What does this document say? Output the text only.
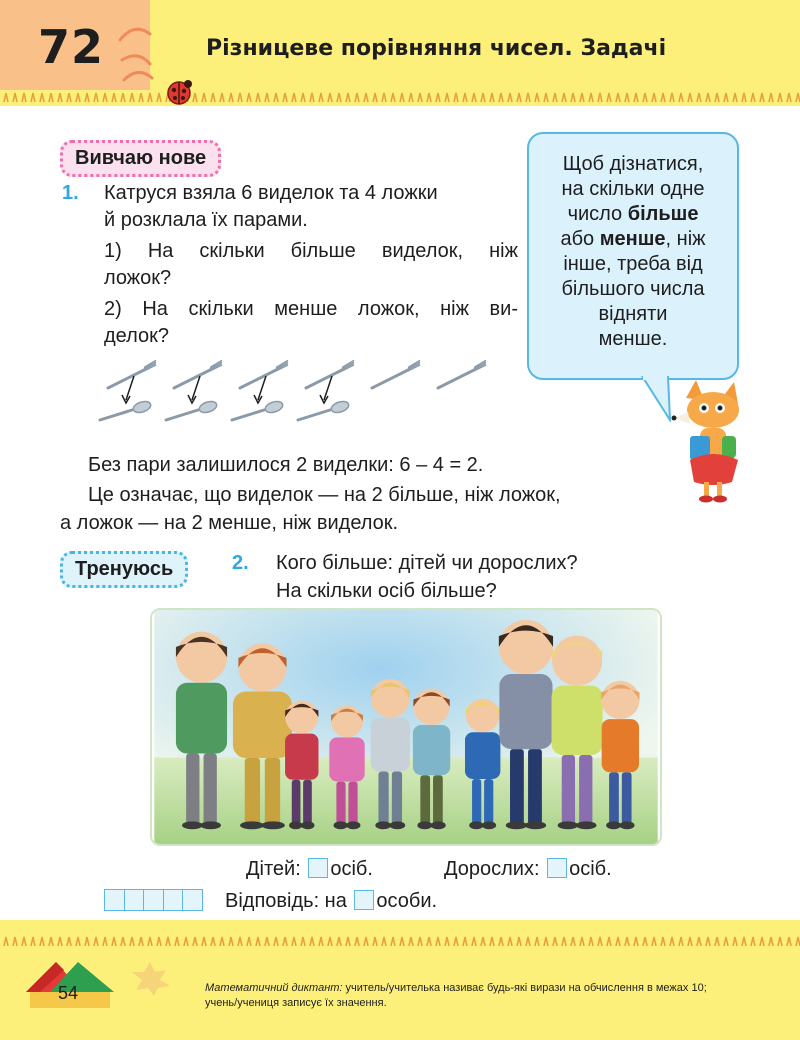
72	Різницеве порівняння чисел. Задачі
Вивчаю нове
1. Катруся взяла 6 виделок та 4 ложки
й розклала їх парами.
1) На скільки більше виделок, ніж
ложок?
2) На скільки менше ложок, ніж ви-
делок?
Без пари залишилося 2 виделки: 6 – 4 = 2.
Це означає, що виделок — на 2 більше, ніж ложок,
а ложок — на 2 менше, ніж виделок.
Щоб дізнатися,
на скільки одне
число більше
або менше, ніж
інше, треба від
більшого числа
відняти
менше.
Тренуюсь	2. Кого більше: дітей чи дорослих?
На скільки осіб більше?
Дітей: осіб.	Дорослих: осіб.
Відповідь: на особи.
54	Математичний диктант: учитель/учителька називає будь-які вирази на обчислення в межах 10; учень/учениця записує їх значення.
